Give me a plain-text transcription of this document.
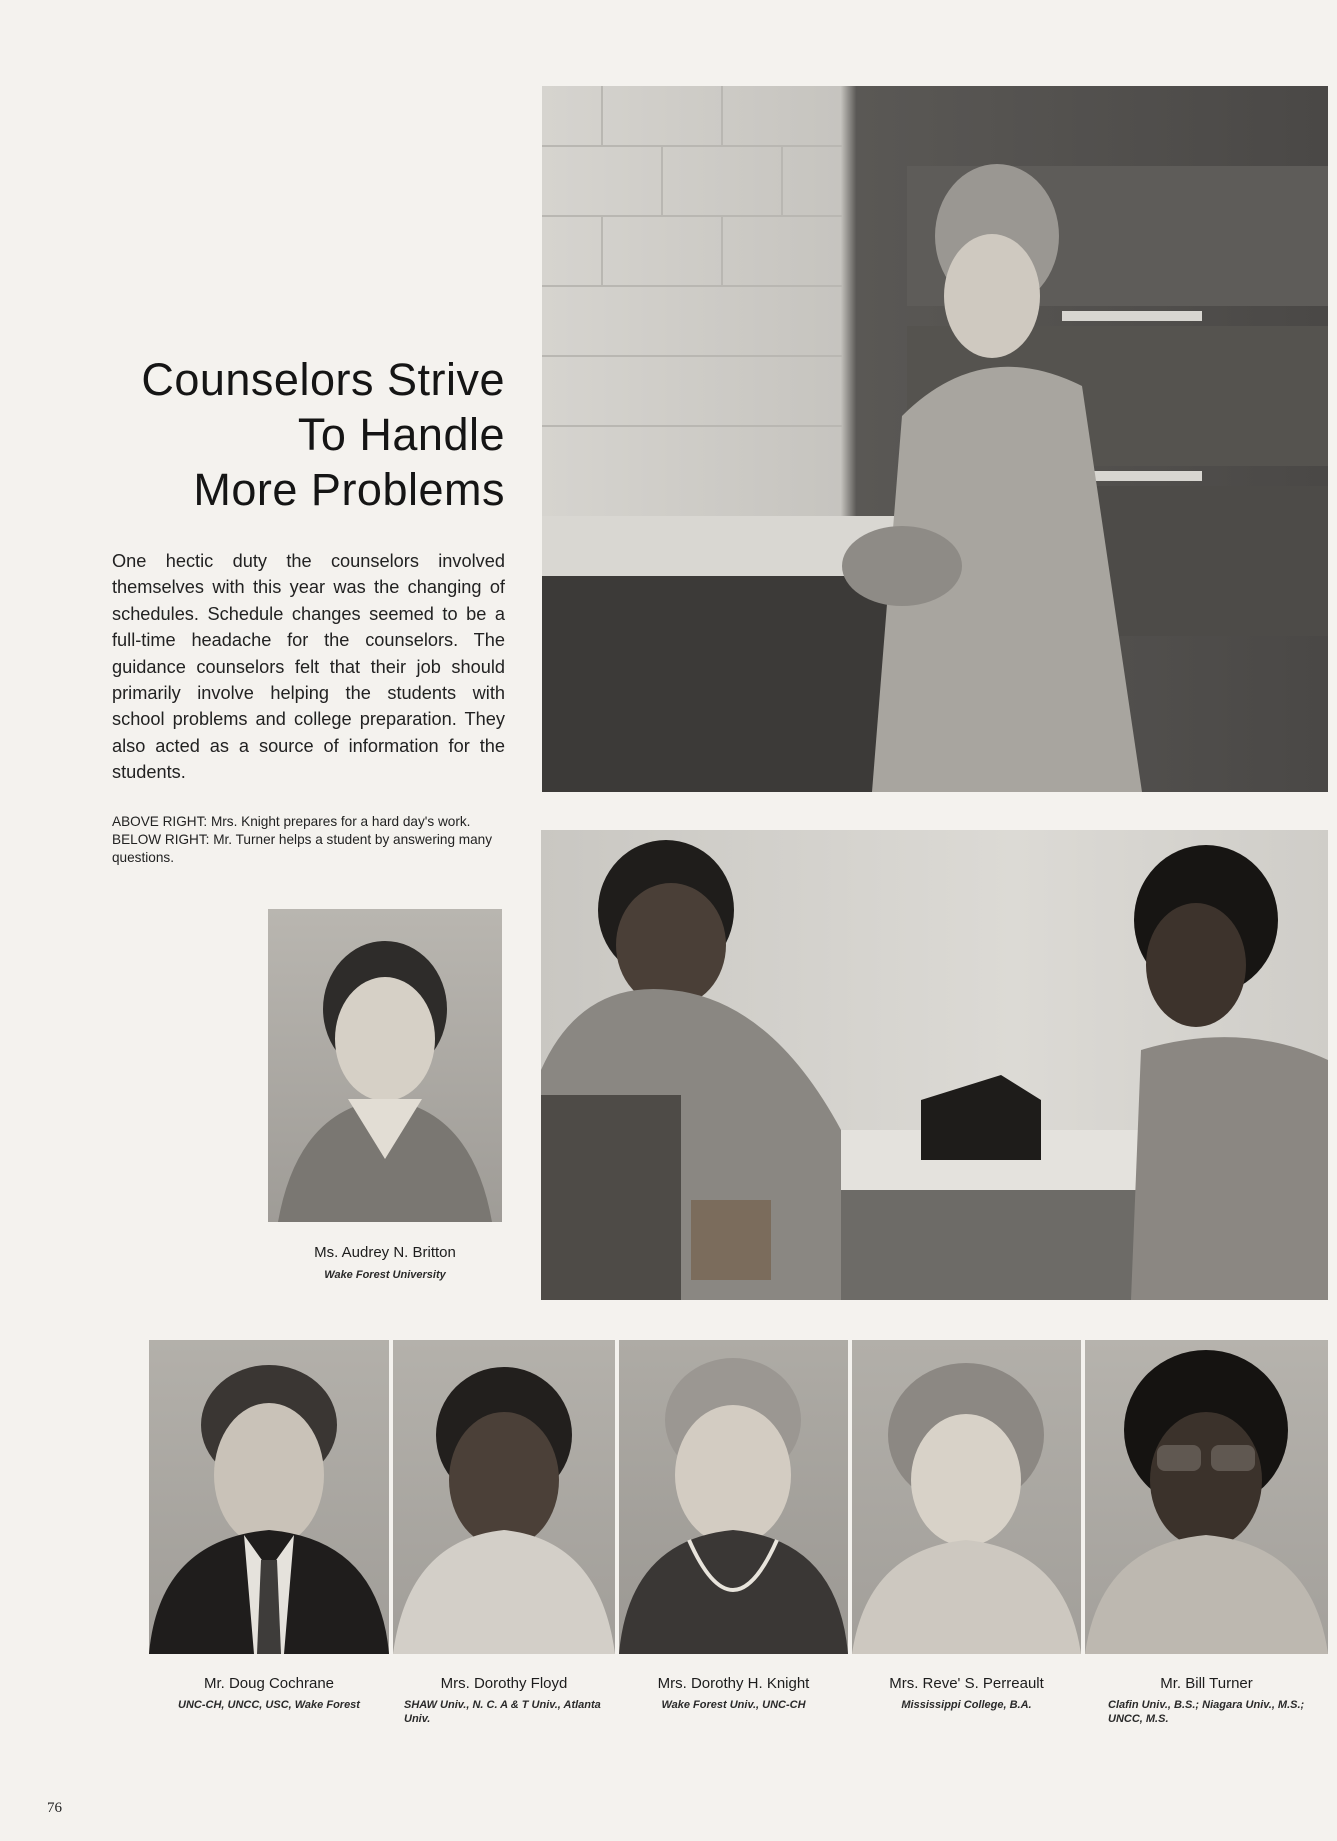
Counselors Strive
To Handle
More Problems
One hectic duty the counselors involved themselves with this year was the changing of schedules. Schedule changes seemed to be a full-time headache for the counselors. The guidance counselors felt that their job should primarily involve helping the students with school problems and college preparation. They also acted as a source of information for the students.
ABOVE RIGHT: Mrs. Knight prepares for a hard day's work. BELOW RIGHT: Mr. Turner helps a student by answering many questions.
Ms. Audrey N. Britton
Wake Forest University
Mr. Doug Cochrane
UNC-CH, UNCC, USC, Wake Forest
Mrs. Dorothy Floyd
SHAW Univ., N. C. A & T Univ., Atlanta Univ.
Mrs. Dorothy H. Knight
Wake Forest Univ., UNC-CH
Mrs. Reve' S. Perreault
Mississippi College, B.A.
Mr. Bill Turner
Clafin Univ., B.S.; Niagara Univ., M.S.; UNCC, M.S.
76
